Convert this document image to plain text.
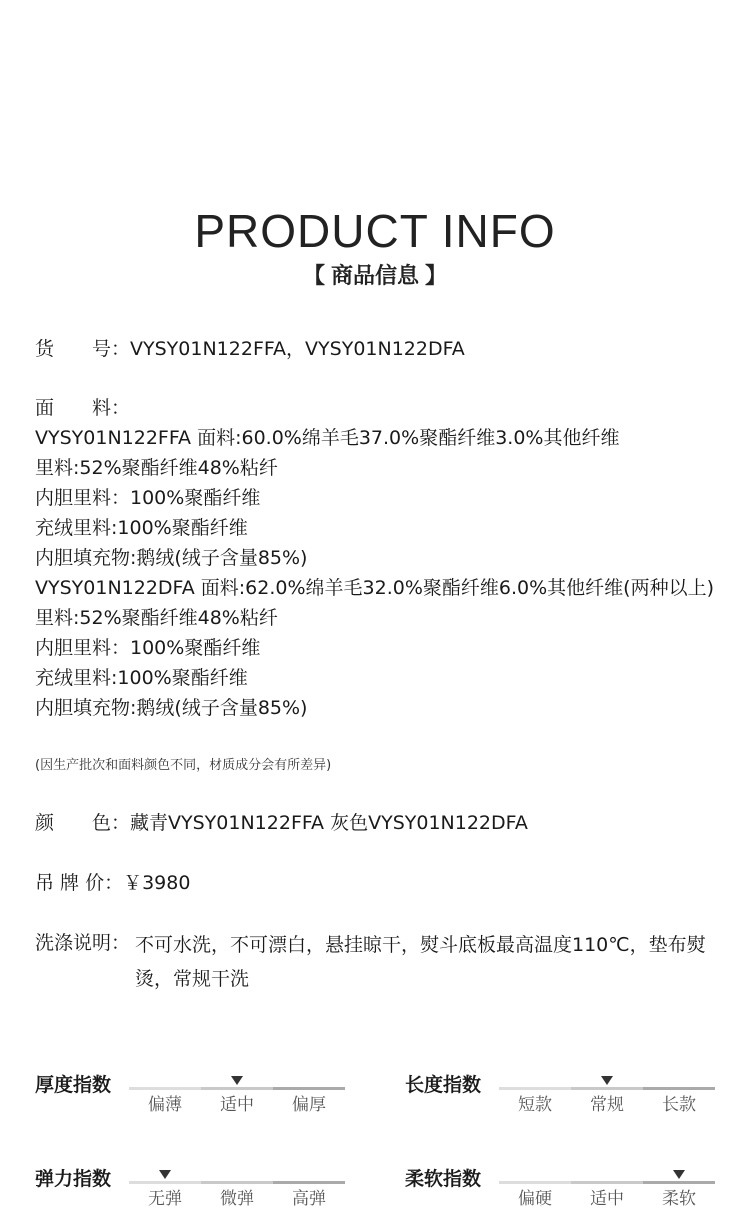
PRODUCT INFO
【 商品信息 】
货　　号：VYSY01N122FFA，VYSY01N122DFA
面　　料：
VYSY01N122FFA 面料:60.0%绵羊毛37.0%聚酯纤维3.0%其他纤维
里料:52%聚酯纤维48%粘纤
内胆里料：100%聚酯纤维
充绒里料:100%聚酯纤维
内胆填充物:鹅绒(绒子含量85%)
VYSY01N122DFA 面料:62.0%绵羊毛32.0%聚酯纤维6.0%其他纤维(两种以上)
里料:52%聚酯纤维48%粘纤
内胆里料：100%聚酯纤维
充绒里料:100%聚酯纤维
内胆填充物:鹅绒(绒子含量85%)
(因生产批次和面料颜色不同，材质成分会有所差异)
颜　　色：藏青VYSY01N122FFA 灰色VYSY01N122DFA
吊 牌 价：￥3980
洗涤说明： 不可水洗，不可漂白，悬挂晾干，熨斗底板最高温度110℃，垫布熨烫，常规干洗
厚度指数
偏薄	适中	偏厚
长度指数
短款	常规	长款
弹力指数
无弹	微弹	高弹
柔软指数
偏硬	适中	柔软
